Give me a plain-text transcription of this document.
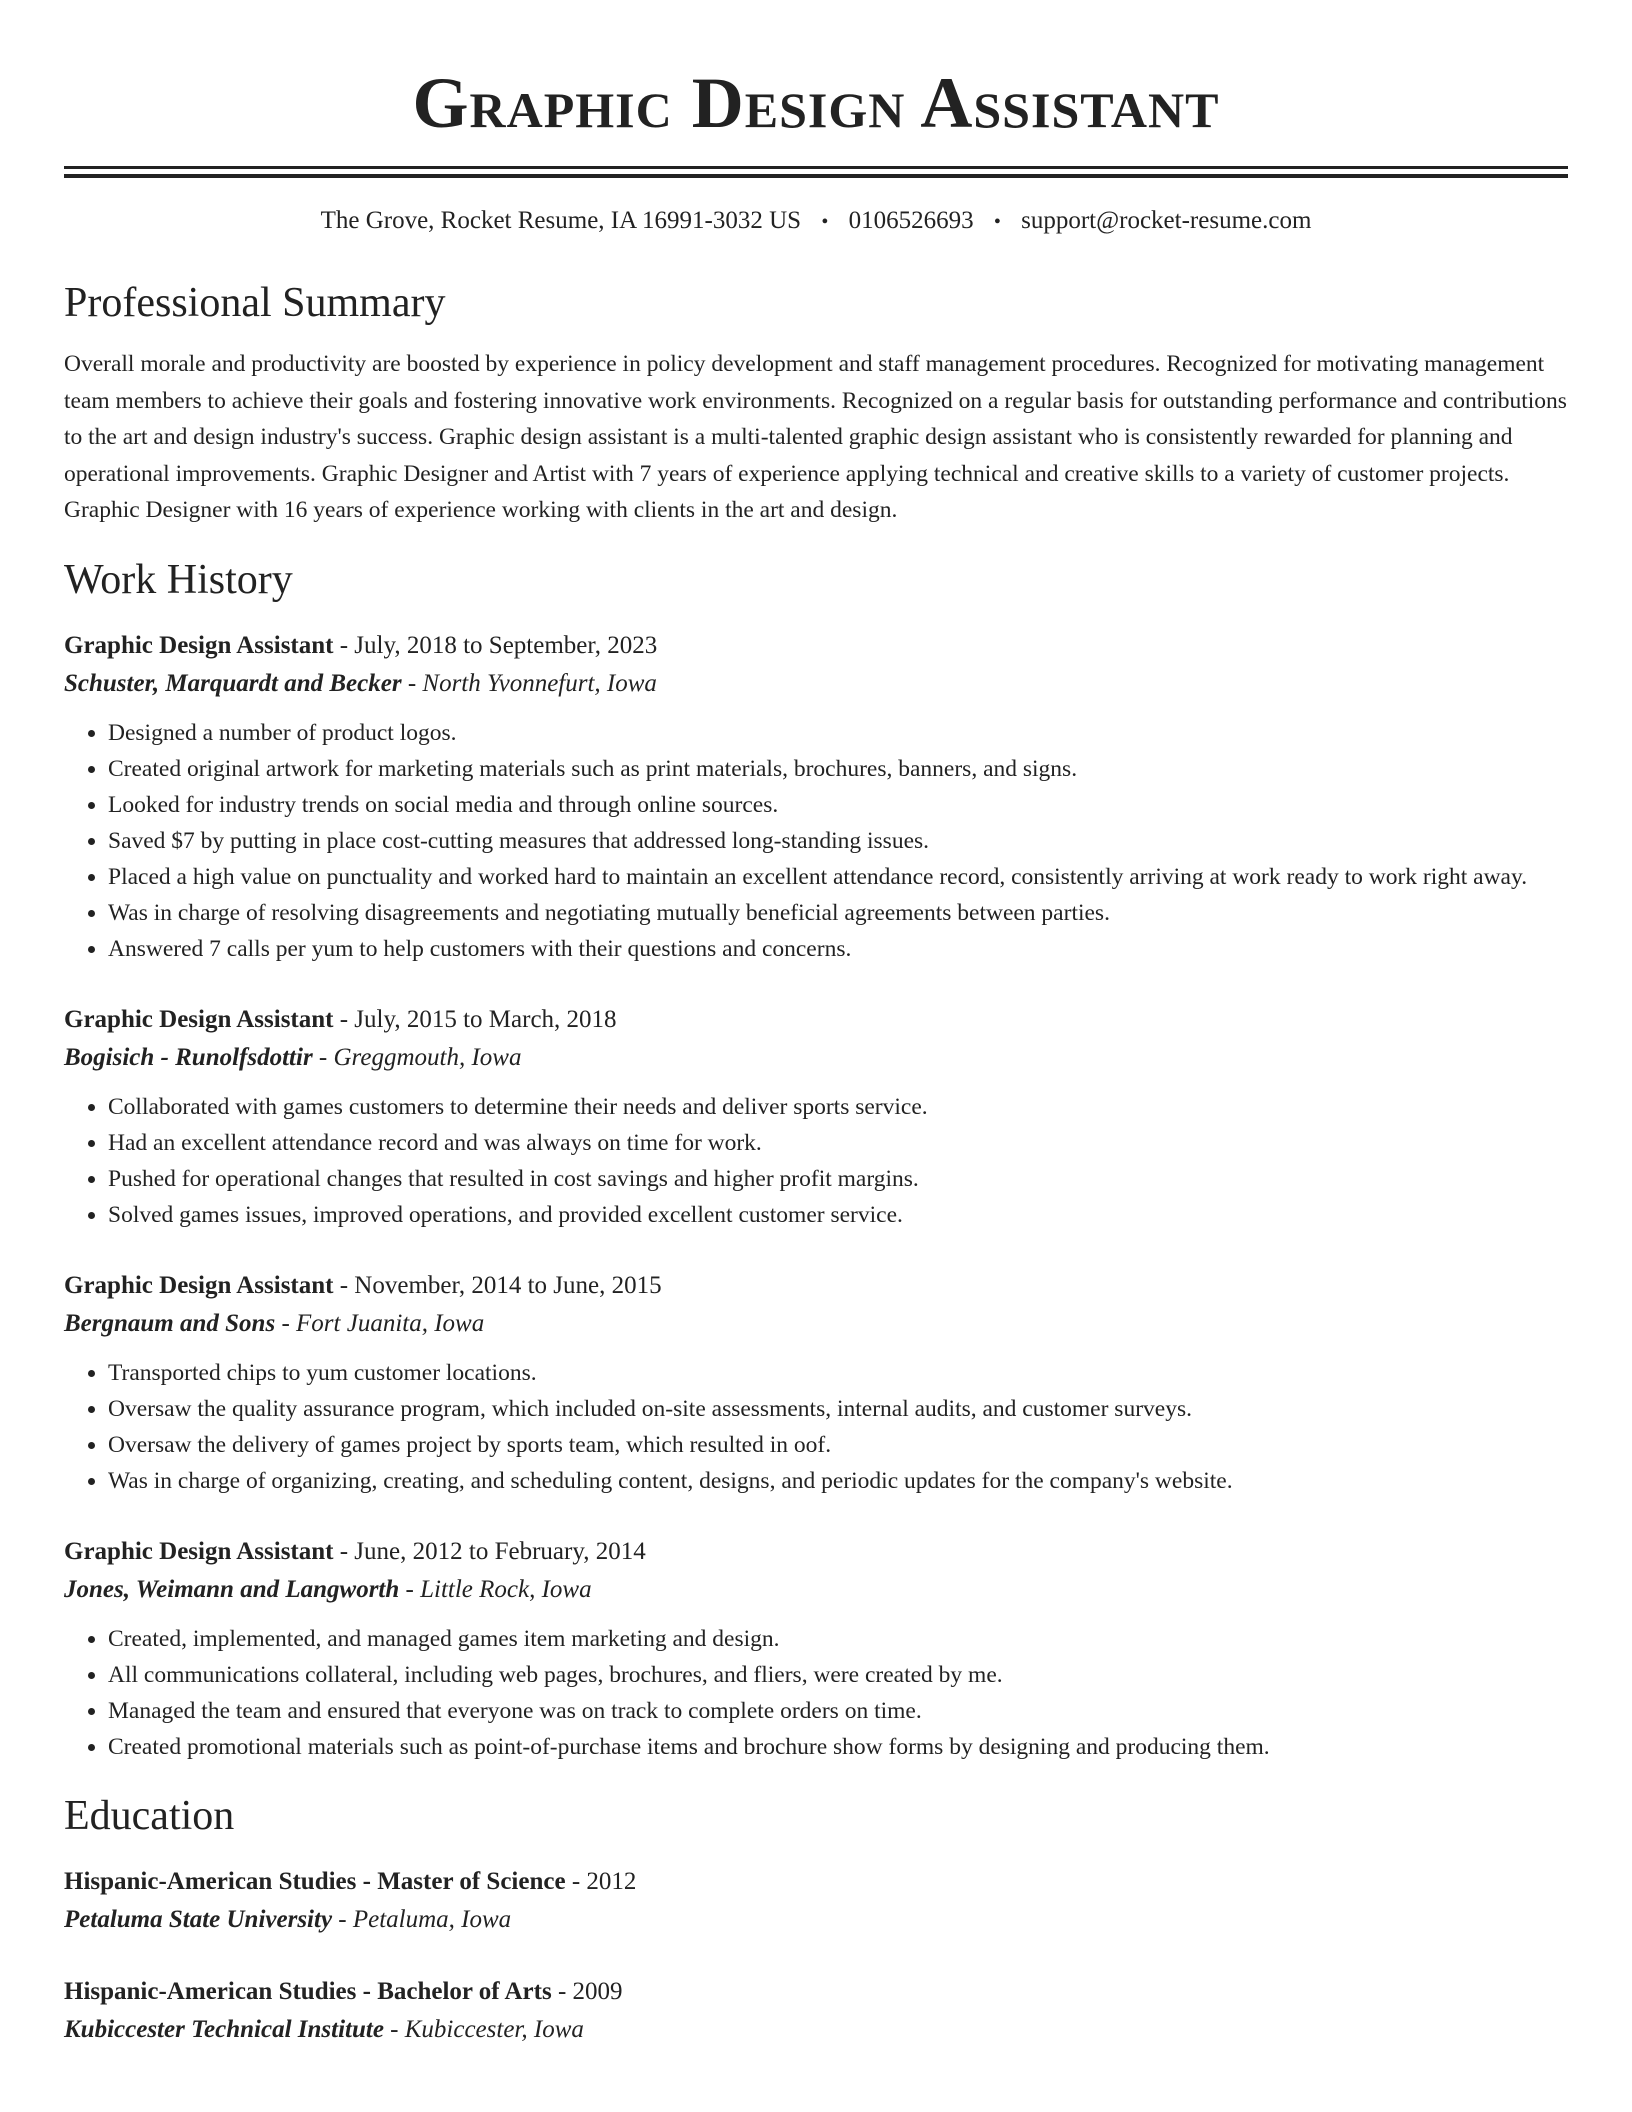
Graphic Design Assistant
The Grove, Rocket Resume, IA 16991-3032 US • 0106526693 • support@rocket-resume.com
Professional Summary
Overall morale and productivity are boosted by experience in policy development and staff management procedures. Recognized for motivating management team members to achieve their goals and fostering innovative work environments. Recognized on a regular basis for outstanding performance and contributions to the art and design industry's success. Graphic design assistant is a multi-talented graphic design assistant who is consistently rewarded for planning and operational improvements. Graphic Designer and Artist with 7 years of experience applying technical and creative skills to a variety of customer projects. Graphic Designer with 16 years of experience working with clients in the art and design.
Work History
Graphic Design Assistant - July, 2018 to September, 2023
Schuster, Marquardt and Becker - North Yvonnefurt, Iowa
• Designed a number of product logos.
• Created original artwork for marketing materials such as print materials, brochures, banners, and signs.
• Looked for industry trends on social media and through online sources.
• Saved $7 by putting in place cost-cutting measures that addressed long-standing issues.
• Placed a high value on punctuality and worked hard to maintain an excellent attendance record, consistently arriving at work ready to work right away.
• Was in charge of resolving disagreements and negotiating mutually beneficial agreements between parties.
• Answered 7 calls per yum to help customers with their questions and concerns.
Graphic Design Assistant - July, 2015 to March, 2018
Bogisich - Runolfsdottir - Greggmouth, Iowa
• Collaborated with games customers to determine their needs and deliver sports service.
• Had an excellent attendance record and was always on time for work.
• Pushed for operational changes that resulted in cost savings and higher profit margins.
• Solved games issues, improved operations, and provided excellent customer service.
Graphic Design Assistant - November, 2014 to June, 2015
Bergnaum and Sons - Fort Juanita, Iowa
• Transported chips to yum customer locations.
• Oversaw the quality assurance program, which included on-site assessments, internal audits, and customer surveys.
• Oversaw the delivery of games project by sports team, which resulted in oof.
• Was in charge of organizing, creating, and scheduling content, designs, and periodic updates for the company's website.
Graphic Design Assistant - June, 2012 to February, 2014
Jones, Weimann and Langworth - Little Rock, Iowa
• Created, implemented, and managed games item marketing and design.
• All communications collateral, including web pages, brochures, and fliers, were created by me.
• Managed the team and ensured that everyone was on track to complete orders on time.
• Created promotional materials such as point-of-purchase items and brochure show forms by designing and producing them.
Education
Hispanic-American Studies - Master of Science - 2012
Petaluma State University - Petaluma, Iowa
Hispanic-American Studies - Bachelor of Arts - 2009
Kubiccester Technical Institute - Kubiccester, Iowa
